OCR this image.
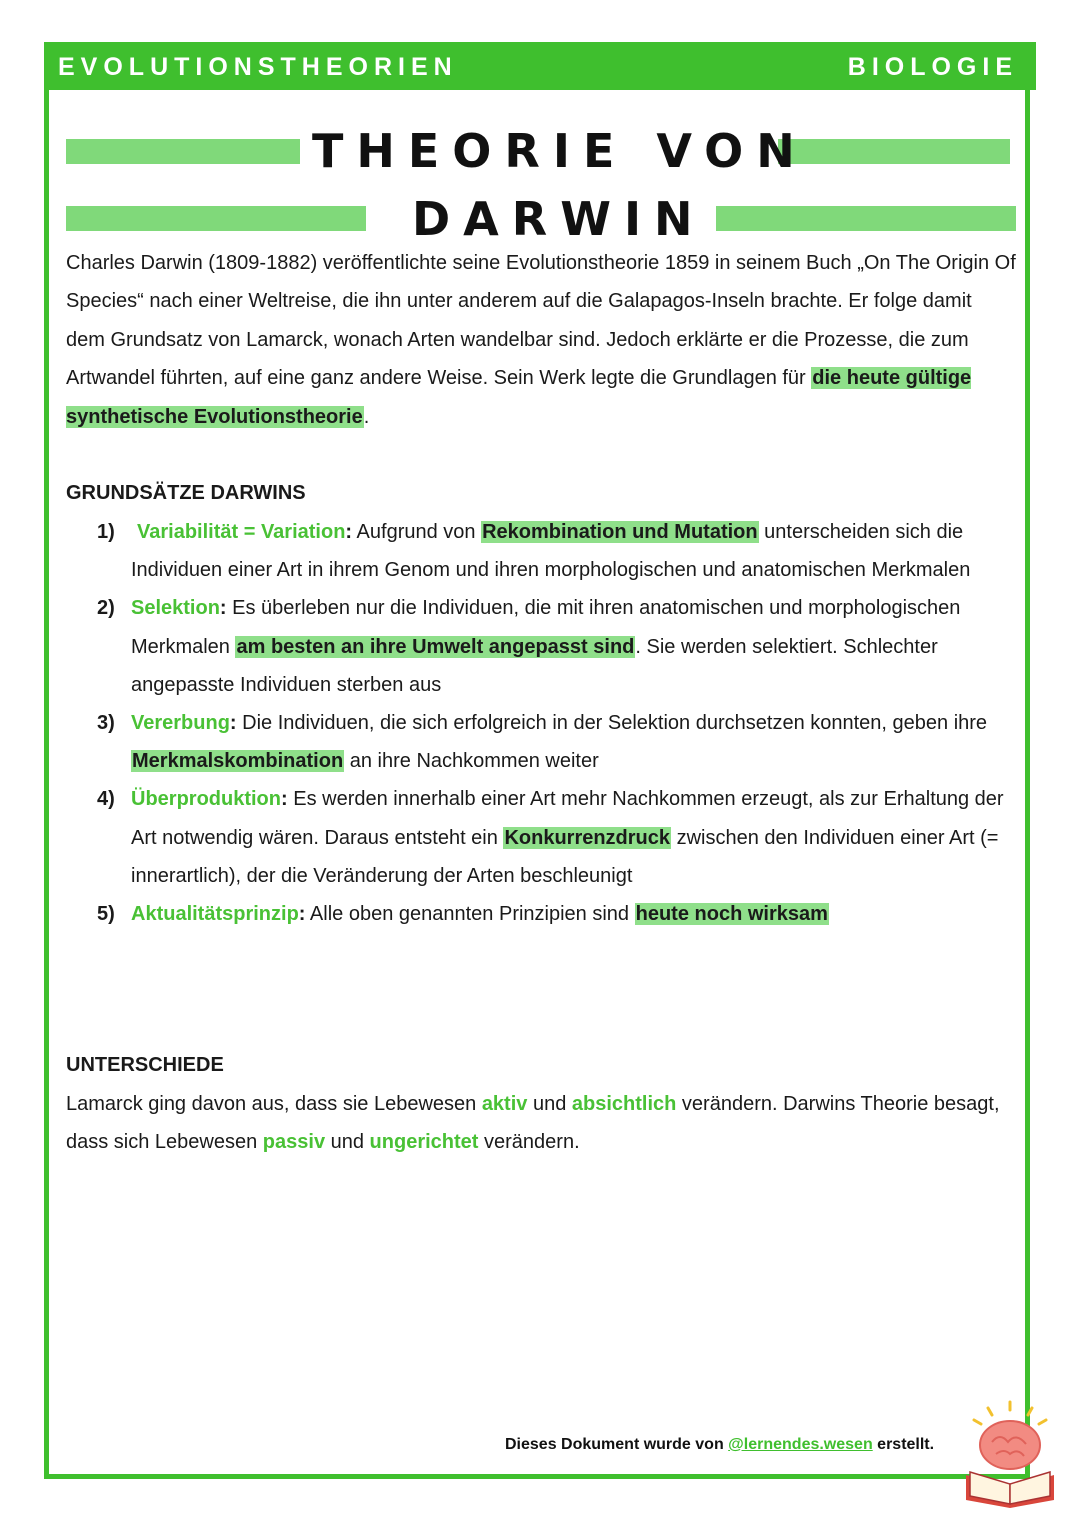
EVOLUTIONSTHEORIEN	BIOLOGIE
THEORIE VON
DARWIN

Charles Darwin (1809-1882) veröffentlichte seine Evolutionstheorie 1859 in seinem Buch „On The Origin Of Species“ nach einer Weltreise, die ihn unter anderem auf die Galapagos-Inseln brachte. Er folge damit dem Grundsatz von Lamarck, wonach Arten wandelbar sind. Jedoch erklärte er die Prozesse, die zum Artwandel führten, auf eine ganz andere Weise. Sein Werk legte die Grundlagen für die heute gültige synthetische Evolutionstheorie.

GRUNDSÄTZE DARWINS
1) Variabilität = Variation: Aufgrund von Rekombination und Mutation unterscheiden sich die Individuen einer Art in ihrem Genom und ihren morphologischen und anatomischen Merkmalen
2) Selektion: Es überleben nur die Individuen, die mit ihren anatomischen und morphologischen Merkmalen am besten an ihre Umwelt angepasst sind. Sie werden selektiert. Schlechter angepasste Individuen sterben aus
3) Vererbung: Die Individuen, die sich erfolgreich in der Selektion durchsetzen konnten, geben ihre Merkmalskombination an ihre Nachkommen weiter
4) Überproduktion: Es werden innerhalb einer Art mehr Nachkommen erzeugt, als zur Erhaltung der Art notwendig wären. Daraus entsteht ein Konkurrenzdruck zwischen den Individuen einer Art (= innerartlich), der die Veränderung der Arten beschleunigt
5) Aktualitätsprinzip: Alle oben genannten Prinzipien sind heute noch wirksam
UNTERSCHIEDE

Lamarck ging davon aus, dass sie Lebewesen aktiv und absichtlich verändern. Darwins Theorie besagt, dass sich Lebewesen passiv und ungerichtet verändern.

Dieses Dokument wurde von @lernendes.wesen erstellt.
